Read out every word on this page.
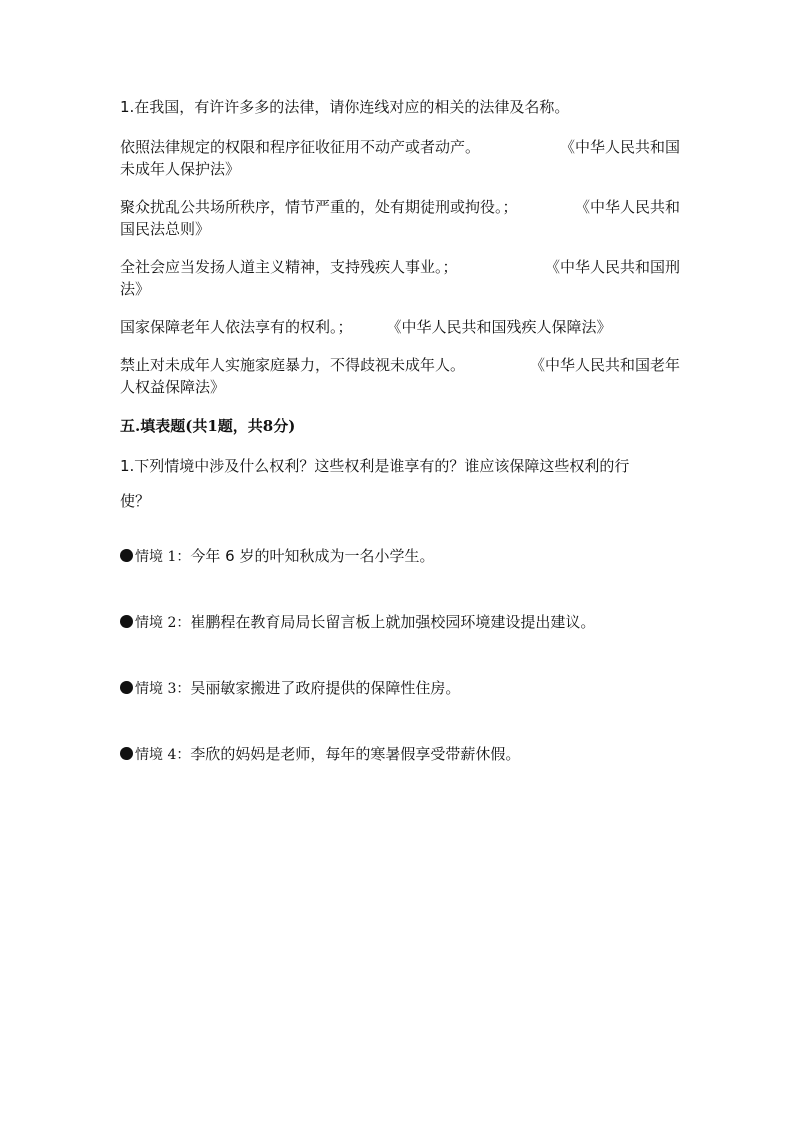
1.在我国，有许许多多的法律，请你连线对应的相关的法律及名称。
依照法律规定的权限和程序征收征用不动产或者动产。	《中华人民共和国
未成年人保护法》
聚众扰乱公共场所秩序，情节严重的，处有期徒刑或拘役。；	《中华人民共和
国民法总则》
全社会应当发扬人道主义精神，支持残疾人事业。；	《中华人民共和国刑
法》
国家保障老年人依法享有的权利。； 《中华人民共和国残疾人保障法》
禁止对未成年人实施家庭暴力，不得歧视未成年人。	《中华人民共和国老年
人权益保障法》
五.填表题(共1题，共8分)
1.下列情境中涉及什么权利？这些权利是谁享有的？谁应该保障这些权利的行
使？
情境 1：今年 6 岁的叶知秋成为一名小学生。
情境 2：崔鹏程在教育局局长留言板上就加强校园环境建设提出建议。
情境 3：吴丽敏家搬进了政府提供的保障性住房。
情境 4：李欣的妈妈是老师，每年的寒暑假享受带薪休假。
